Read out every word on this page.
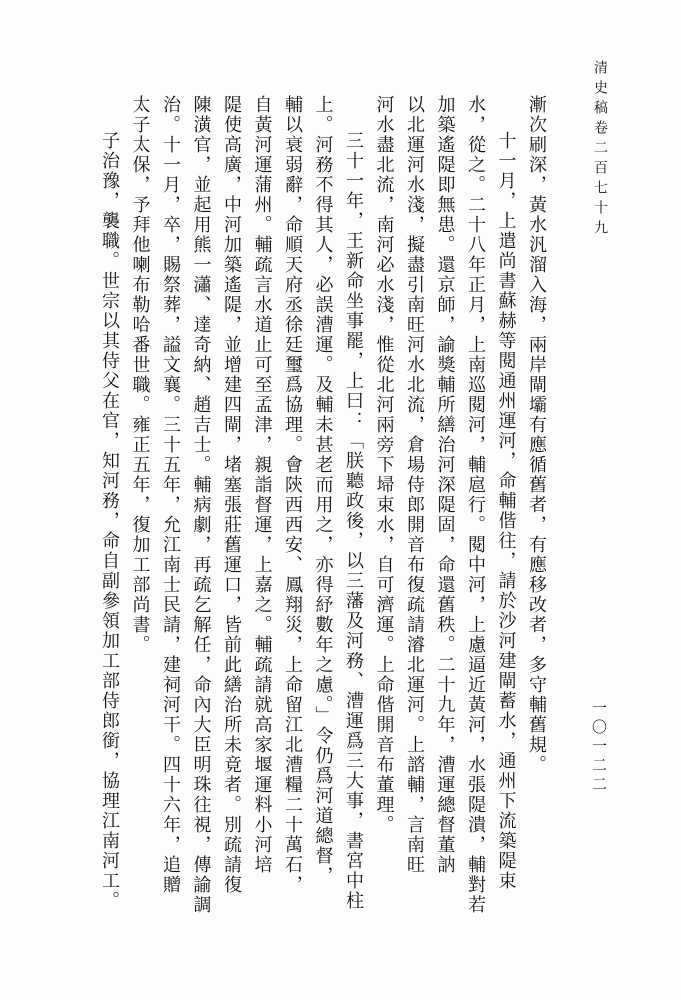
清史稿卷二百七十九
一〇一二二
漸次刷深，黃水汎溜入海，兩岸閘壩有應循舊者，有應移改者，多守輔舊規。
十一月，上遣尚書蘇赫等閱通州運河，命輔偕往，請於沙河建閘蓄水，通州下流築隄束
水，從之。二十八年正月，上南巡閱河，輔扈行。閱中河，上慮逼近黃河，水張隄潰，輔對若
加築遙隄即無患。還京師，諭獎輔所繕治河深隄固，命還舊秩。二十九年，漕運總督董訥
以北運河水淺，擬盡引南旺河水北流，倉場侍郎開音布復疏請濬北運河。上諮輔，言南旺
河水盡北流，南河必水淺，惟從北河兩旁下埽束水，自可濟運。上命偕開音布董理。
三十一年，王新命坐事罷，上曰：「朕聽政後，以三藩及河務、漕運爲三大事，書宮中柱
上。河務不得其人，必誤漕運。及輔未甚老而用之，亦得紓數年之慮。」令仍爲河道總督，
輔以衰弱辭，命順天府丞徐廷璽爲協理。會陝西西安、鳳翔災，上命留江北漕糧二十萬石，
自黃河運蒲州。輔疏言水道止可至孟津，親詣督運，上嘉之。輔疏請就高家堰運料小河培
隄使高廣，中河加築遙隄，並增建四閘，堵塞張莊舊運口，皆前此繕治所未竟者。別疏請復
陳潢官，並起用熊一瀟、達奇納、趙吉士。輔病劇，再疏乞解任，命內大臣明珠往視，傳諭調
治。十一月，卒，賜祭葬，謚文襄。三十五年，允江南士民請，建祠河干。四十六年，追贈
太子太保，予拜他喇布勒哈番世職。雍正五年，復加工部尚書。
子治豫，襲職。世宗以其侍父在官，知河務，命自副參領加工部侍郎銜，協理江南河工。
